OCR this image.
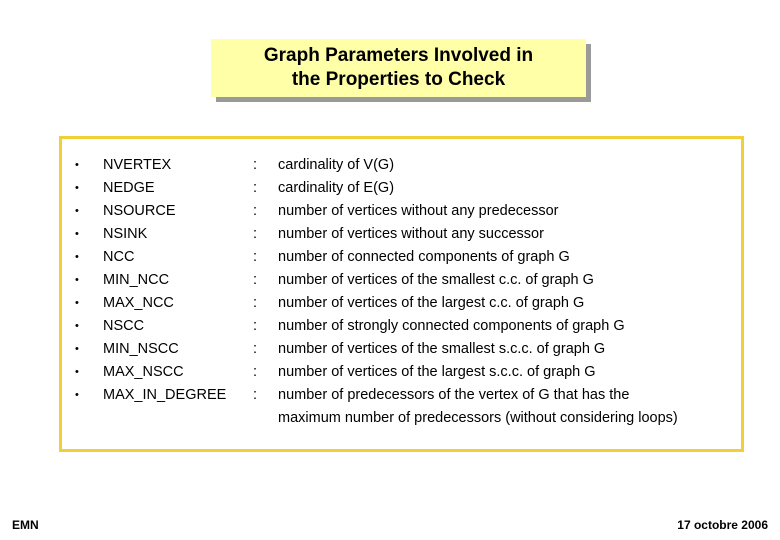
Graph Parameters Involved in
the Properties to Check
• NVERTEX	: cardinality of V(G)
• NEDGE	: cardinality of E(G)
• NSOURCE	: number of vertices without any predecessor
• NSINK	: number of vertices without any successor
• NCC	: number of connected components of graph G
• MIN_NCC	: number of vertices of the smallest c.c. of graph G
• MAX_NCC	: number of vertices of the largest c.c. of graph G
• NSCC	: number of strongly connected components of graph G
• MIN_NSCC	: number of vertices of the smallest s.c.c. of graph G
• MAX_NSCC	: number of vertices of the largest s.c.c. of graph G
• MAX_IN_DEGREE : number of predecessors of the vertex of G that has the
maximum number of predecessors (without considering loops)
EMN	17 octobre 2006
